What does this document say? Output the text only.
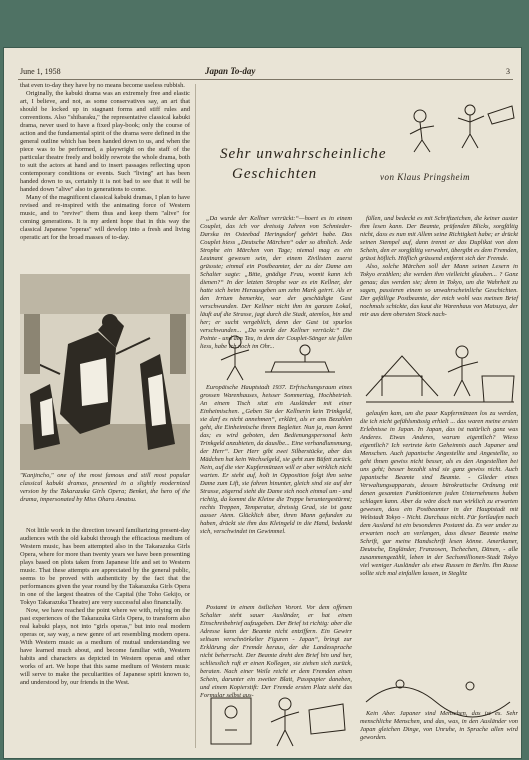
June 1, 1958	Japan To-day	3

that even to-day they have by no means become useless rubbish.

Originally, the kabuki drama was an extremely free and elastic art, I believe, and not, as some conservatives say, an art that should be locked up in stagnant forms and stiff rules and conventions. Also "shibaraku," the representative classical kabuki drama, never used to have a fixed play-book; only the course of action and the fundamental spirit of the drama were defined in the general outline which has been handed down to us, and when the piece was to be performed, a playwright on the staff of the particular theatre freely and boldly rewrote the whole drama, both to suit the actors at hand and to insert passages reflecting upon contemporary conditions or events. Such "living" art has been handed down to us, certainly it is not bad to see that it will be handed down "alive" also to generations to come.

Many of the magnificent classical kabuki dramas, I plan to have revised and re-inspired with the animating force of Western music, and to "revive" them thus and keep them "alive" for coming generations. It is my ardent hope that in this way the classical Japanese "operas" will develop into a fresh and living operatic art for the broad masses of to-day.

"Kanjincho," one of the most famous and still most popular classical kabuki dramas, presented in a slightly modernized version by the Takarazuka Girls Opera; Benkei, the hero of the drama, impersonated by Miss Oharu Amatsu.

Not little work in the direction toward familiarizing present-day audiences with the old kabuki through the efficacious medium of Western music, has been attempted also in the Takarazuka Girls Opera, where for more than twenty years we have been presenting plays based on plots taken from Japanese life and set to Western music. That these attempts are appreciated by the general public, seems to be proved with authenticity by the fact that the performances given the year round by the Takarazuka Girls Opera in one of the largest theatres of the Capital (the Toho Gekijo, or Tokyo Takarazuka Theatre) are very successful also financially.

Now, we have reached the point where we with, relying on the past experiences of the Takarazuka Girls Opera, to transform also real kabuki plays, not into "girls operas," but into real modern operas or, say way, a new genre of art resembling modern opera. With Western music as a medium of mutual understanding we have learned much about, and become familiar with, Western habits and characters as depicted in Western operas and other works of art. We hope that this same medium of Western music will serve to make the peculiarities of Japanese spirit known to, and understood by, our friends in the West.

Sehr unwahrscheinliche
Geschichten	von Klaus Pringsheim

„Da wurde der Kellner verrückt:“—hoert es in einem Couplet, das ich vor dreissig Jahren von Schmieder-Darska im Osteebad Heringsdorf gehört habe. Das Couplet hiess „Deutsche Märchen“ oder so ähnlich. Jede Strophe ein Märchen von Tage; niemal mag es ein Leutnant gewesen sein, der einem Zivilisten zuerst grüssste; einmal ein Postbeamter, der zu der Dame am Schalter sagte: „Bitte, gnädige Frau, womit kann ich dienen?“ In der letzten Strophe war es ein Kellner, der hatte sich beim Herausgeben um zehn Mark geirrt. Als er den Irrtum bemerkte, war der geschädigte Gast verschwunden. Der Kellner nicht ihm im ganzen Lokal, läuft auf die Strasse, jagt durch die Stadt, atemlos, hin und her; er sucht vergeblich, denn der Gast ist spurlos verschwunden... „Da wurde der Kellner verrückt:“ Die Pointe - und den Teu, in dem der Couplet-Sänger sie fallen liess, habe ich noch im Ohr...

Europäische Hauptstadt 1937. Erfrischungsraum eines grossen Warenhauses, heisser Sommertag, Hochbetrieb. An einem Tisch sitzt ein Ausländer mit einer Einheimischen. „Geben Sie der Kellnerin kein Trinkgeld, sie darf es nicht annehmen“, erklärt, als er ans Bezahlen geht, die Einheimische ihrem Begleiter. Nun ja, man kennt das; es wird geboten, den Bedienungspersonal kein Trinkgeld anzubieten, da dauslbe... Eine verhandlunsmung, der Herr“. Der Herr gibt zwei Silberstücke, aber das Mädchen hat kein Wechselgeld, sie geht zum Büfett zurück. Nein, auf die vier Kupfermünzen will er aber wirklich nicht warten. Er steht auf, holt in Opposition folgt ihm seine Dame zum Lift, sie fahren hinunter, gleich sind sie auf der Strasse, zögernd sieht die Dame sich noch einmal um - und richtig, da kommt die Kleine die Treppe heruntergestürmt; rechts Treppen, Temperatur, dreissig Grad, sie ist ganz ausser Atem. Glücklich über, ihren Mann gefunden zu haben, drückt sie ihm das Kleingeld in die Hand, bedankt sich, verschwindet im Gewimmel.

Postamt in einem östlichen Vorort. Vor dem offenen Schalter steht sauer Ausländer, er hat einen Einschreibebrief aufzugeben. Der Brief ist richtig: aber die Adresse kann der Beamte nicht entziffern. Ein Gewirr seltsam verschnörkelter Figuren - Japan“, bringt zur Erklärung der Fremde heraus, der die Landessprache nicht beherrscht. Der Beamte dreht den Brief hin und her, schliesslich ruft er einen Kollegen, sie ziehen sich zurück, beraten. Nach einer Weile reicht er dem Fremden einen Schein, darunter ein zweiter Blatt, Passpapier daneben, und einem Kopierstift: Der Fremde ersten Platz sieht das Formular selbst aus-

füllen, und bedeckt es mit Schriftzeichen, die keiner auster ihm lesen kann. Der Beamte, prüfenden Blicks, sorgfältig nicht, dass es nun mit Allem seine Richtigkeit habe; er drückt seinen Stempel auf, dann trennt er das Duplikat von dem Schein, den er sorgfältig verwahrt, übergibt es dem Fremden, grüsst höflich. Höflich grüssend entfernt sich der Fremde.

Also, solche Märchen soll der Mann seinen Lesern in Tokyo erzählen; die werden ihm vielleicht glauben... ? Ganz genau; das werden sie; denn in Tokyo, um die Wahrheit zu sagen, passieren einem so unwahrscheinliche Geschichten. Der gefällige Postbeamte, der mich wohl was meinen Brief nochmals schickte, das kaut die Warenhaus von Matsuya, der mir aus dem obersten Stock nach-

gelaufen kam, um die paar Kupfermünzen los zu werden, die ich nicht gefühlsmässig erhielt ... das waren meine ersten Erlebnisse in Japan. In Japan, das ist natürlich ganz was Anderes. Etwas Anderes, warum eigentlich? Wieso eigentlich? Ich vertrete kein Geheimnis auch Japaner und Menschen. Auch japanische Angestellte und Angestellte, so geht ihnen gewiss nicht besser, als es den Angestellten bei uns geht; besser bezahlt sind sie ganz gewiss nicht. Auch japanische Beamte sind Beamte. - Glieder eines Verwaltungsapparats, dessen bürokratische Ordnung mit denen gesamten Funktionieren jeden Unternehmens haben schlagen kann. Aber da wäre doch nun wirklich zu erwarten gewesen, dass ein Postbeamter in der Hauptstadt mit Weltstadt Tokyo - Nicht. Durchaus nicht. Für fortlaufen nach dem Ausland ist ein besonderes Postamt da. Es wer under zu erwarten noch an verlangen, dass dieser Beamte meine Schrift, gar meine Handschrift lesen könne. Amerikaner, Deutsche, Engländer, Franzosen, Tschechen, Dänen, - alle zusammengezählt, leben in der Sechsmillionen-Stadt Tokyo viel weniger Ausländer als etwa Russen in Berlin. Ihn Russe sollte sich mal einfallen lassen, in Steglitz

Kein Aber. Japaner sind Menschen, das ist es. Sehr menschliche Menschen, und das, was, in den Ausländer von Japan gleichen Dinge, von Unruhe, in Sprache allen wird geworden.
